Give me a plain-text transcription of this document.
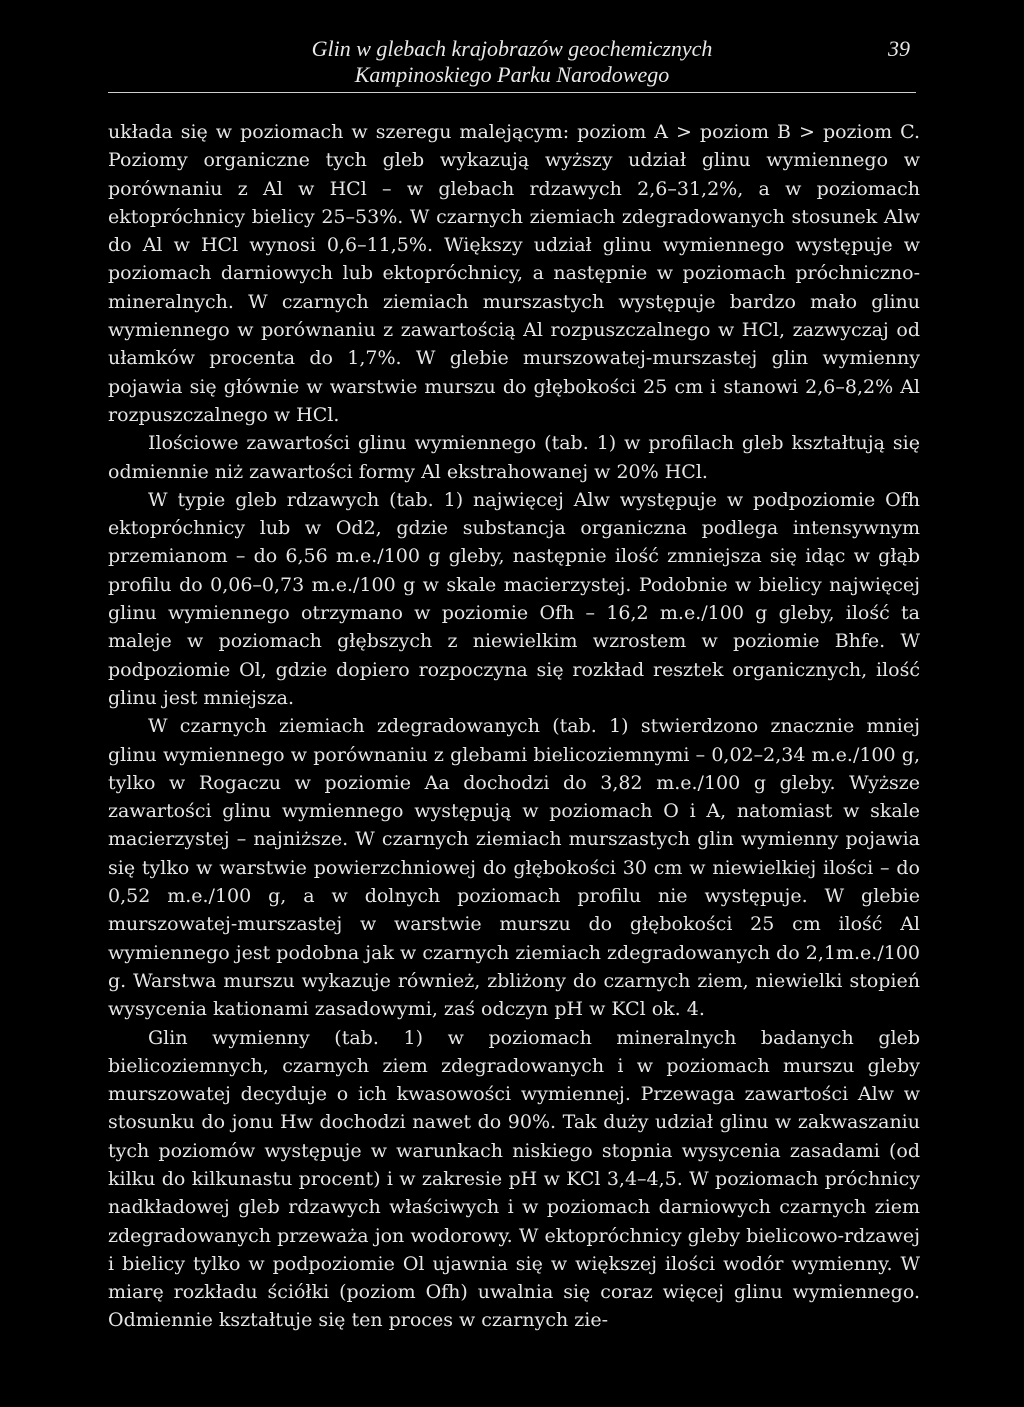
Glin w glebach krajobrazów geochemicznych
Kampinoskiego Parku Narodowego
39

układa się w poziomach w szeregu malejącym: poziom A > poziom B > poziom C. Poziomy organiczne tych gleb wykazują wyższy udział glinu wymiennego w porównaniu z Al w HCl – w glebach rdzawych 2,6–31,2%, a w poziomach ektopróchnicy bielicy 25–53%. W czarnych ziemiach zdegradowanych stosunek Alw do Al w HCl wynosi 0,6–11,5%. Większy udział glinu wymiennego występuje w poziomach darniowych lub ektopróchnicy, a następnie w poziomach próchniczno-mineralnych. W czarnych ziemiach murszastych występuje bardzo mało glinu wymiennego w porównaniu z zawartością Al rozpuszczalnego w HCl, zazwyczaj od ułamków procenta do 1,7%. W glebie murszowatej-murszastej glin wymienny pojawia się głównie w warstwie murszu do głębokości 25 cm i stanowi 2,6–8,2% Al rozpuszczalnego w HCl.

Ilościowe zawartości glinu wymiennego (tab. 1) w profilach gleb kształtują się odmiennie niż zawartości formy Al ekstrahowanej w 20% HCl.

W typie gleb rdzawych (tab. 1) najwięcej Alw występuje w podpoziomie Ofh ektopróchnicy lub w Od2, gdzie substancja organiczna podlega intensywnym przemianom – do 6,56 m.e./100 g gleby, następnie ilość zmniejsza się idąc w głąb profilu do 0,06–0,73 m.e./100 g w skale macierzystej. Podobnie w bielicy najwięcej glinu wymiennego otrzymano w poziomie Ofh – 16,2 m.e./100 g gleby, ilość ta maleje w poziomach głębszych z niewielkim wzrostem w poziomie Bhfe. W podpoziomie Ol, gdzie dopiero rozpoczyna się rozkład resztek organicznych, ilość glinu jest mniejsza.

W czarnych ziemiach zdegradowanych (tab. 1) stwierdzono znacznie mniej glinu wymiennego w porównaniu z glebami bielicoziemnymi – 0,02–2,34 m.e./100 g, tylko w Rogaczu w poziomie Aa dochodzi do 3,82 m.e./100 g gleby. Wyższe zawartości glinu wymiennego występują w poziomach O i A, natomiast w skale macierzystej – najniższe. W czarnych ziemiach murszastych glin wymienny pojawia się tylko w warstwie powierzchniowej do głębokości 30 cm w niewielkiej ilości – do 0,52 m.e./100 g, a w dolnych poziomach profilu nie występuje. W glebie murszowatej-murszastej w warstwie murszu do głębokości 25 cm ilość Al wymiennego jest podobna jak w czarnych ziemiach zdegradowanych do 2,1m.e./100 g. Warstwa murszu wykazuje również, zbliżony do czarnych ziem, niewielki stopień wysycenia kationami zasadowymi, zaś odczyn pH w KCl ok. 4.

Glin wymienny (tab. 1) w poziomach mineralnych badanych gleb bielicoziemnych, czarnych ziem zdegradowanych i w poziomach murszu gleby murszowatej decyduje o ich kwasowości wymiennej. Przewaga zawartości Alw w stosunku do jonu Hw dochodzi nawet do 90%. Tak duży udział glinu w zakwaszaniu tych poziomów występuje w warunkach niskiego stopnia wysycenia zasadami (od kilku do kilkunastu procent) i w zakresie pH w KCl 3,4–4,5. W poziomach próchnicy nadkładowej gleb rdzawych właściwych i w poziomach darniowych czarnych ziem zdegradowanych przeważa jon wodorowy. W ektopróchnicy gleby bielicowo-rdzawej i bielicy tylko w podpoziomie Ol ujawnia się w większej ilości wodór wymienny. W miarę rozkładu ściółki (poziom Ofh) uwalnia się coraz więcej glinu wymiennego. Odmiennie kształtuje się ten proces w czarnych zie-
